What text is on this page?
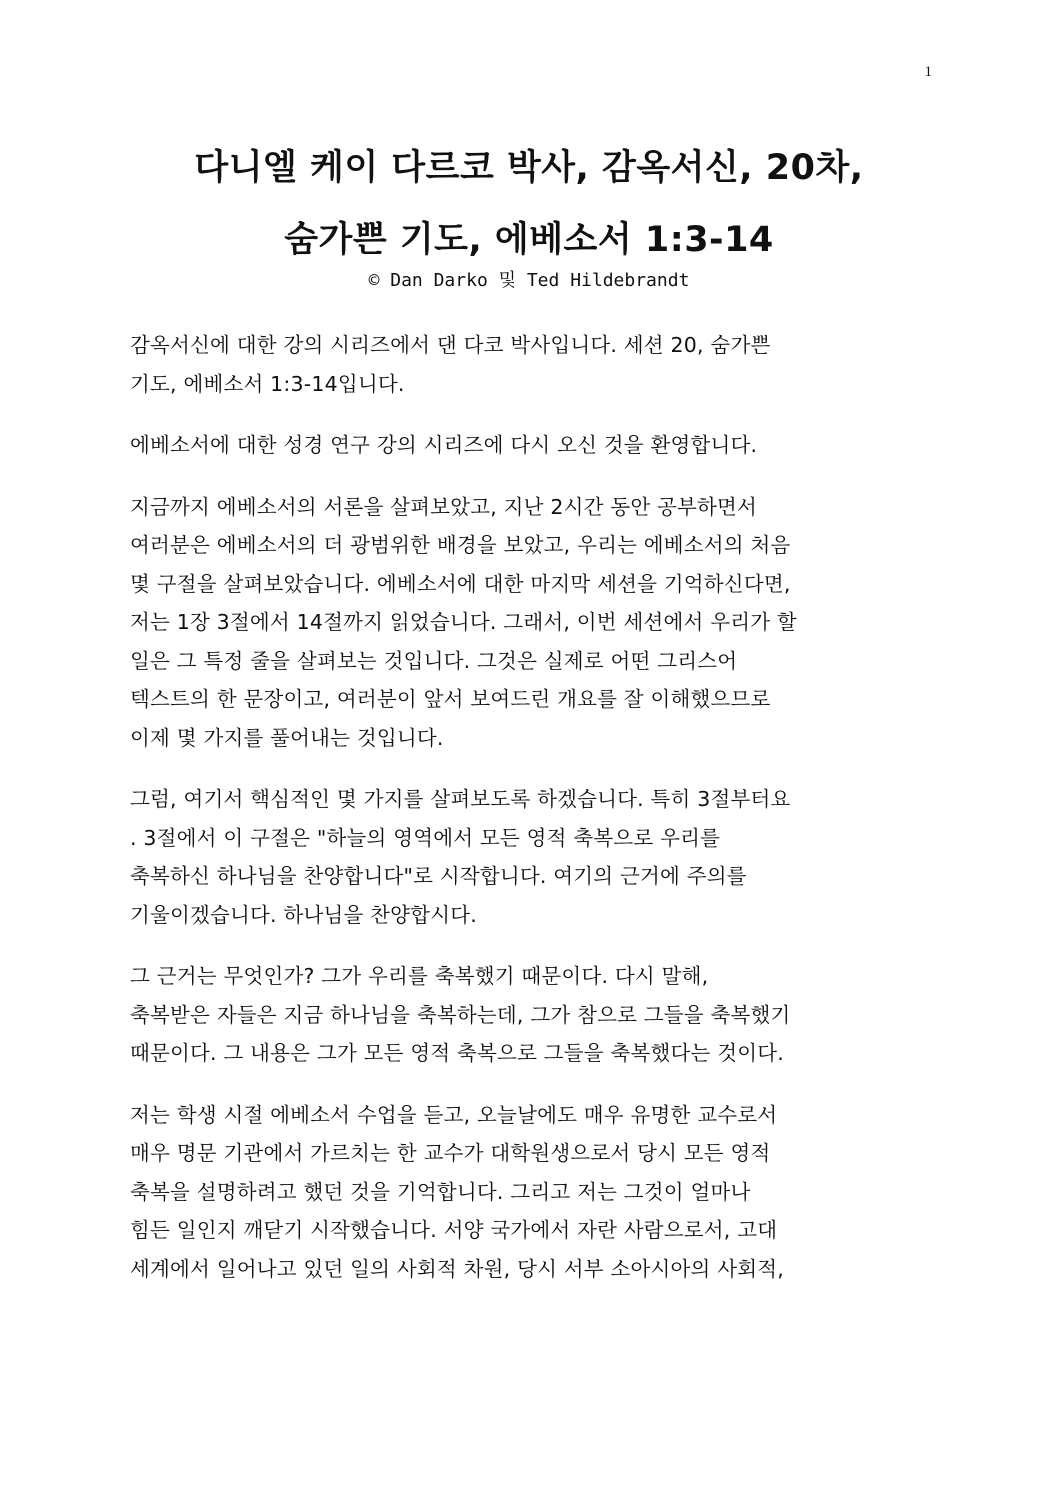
1
다니엘 케이 다르코 박사, 감옥서신, 20차,
숨가쁜 기도, 에베소서 1:3-14
© Dan Darko 및 Ted Hildebrandt

감옥서신에 대한 강의 시리즈에서 댄 다코 박사입니다. 세션 20, 숨가쁜
기도, 에베소서 1:3-14입니다.

에베소서에 대한 성경 연구 강의 시리즈에 다시 오신 것을 환영합니다.

지금까지 에베소서의 서론을 살펴보았고, 지난 2시간 동안 공부하면서
여러분은 에베소서의 더 광범위한 배경을 보았고, 우리는 에베소서의 처음
몇 구절을 살펴보았습니다. 에베소서에 대한 마지막 세션을 기억하신다면,
저는 1장 3절에서 14절까지 읽었습니다. 그래서, 이번 세션에서 우리가 할
일은 그 특정 줄을 살펴보는 것입니다. 그것은 실제로 어떤 그리스어
텍스트의 한 문장이고, 여러분이 앞서 보여드린 개요를 잘 이해했으므로
이제 몇 가지를 풀어내는 것입니다.

그럼, 여기서 핵심적인 몇 가지를 살펴보도록 하겠습니다. 특히 3절부터요
. 3절에서 이 구절은 "하늘의 영역에서 모든 영적 축복으로 우리를
축복하신 하나님을 찬양합니다"로 시작합니다. 여기의 근거에 주의를
기울이겠습니다. 하나님을 찬양합시다.

그 근거는 무엇인가? 그가 우리를 축복했기 때문이다. 다시 말해,
축복받은 자들은 지금 하나님을 축복하는데, 그가 참으로 그들을 축복했기
때문이다. 그 내용은 그가 모든 영적 축복으로 그들을 축복했다는 것이다.

저는 학생 시절 에베소서 수업을 듣고, 오늘날에도 매우 유명한 교수로서
매우 명문 기관에서 가르치는 한 교수가 대학원생으로서 당시 모든 영적
축복을 설명하려고 했던 것을 기억합니다. 그리고 저는 그것이 얼마나
힘든 일인지 깨닫기 시작했습니다. 서양 국가에서 자란 사람으로서, 고대
세계에서 일어나고 있던 일의 사회적 차원, 당시 서부 소아시아의 사회적,
